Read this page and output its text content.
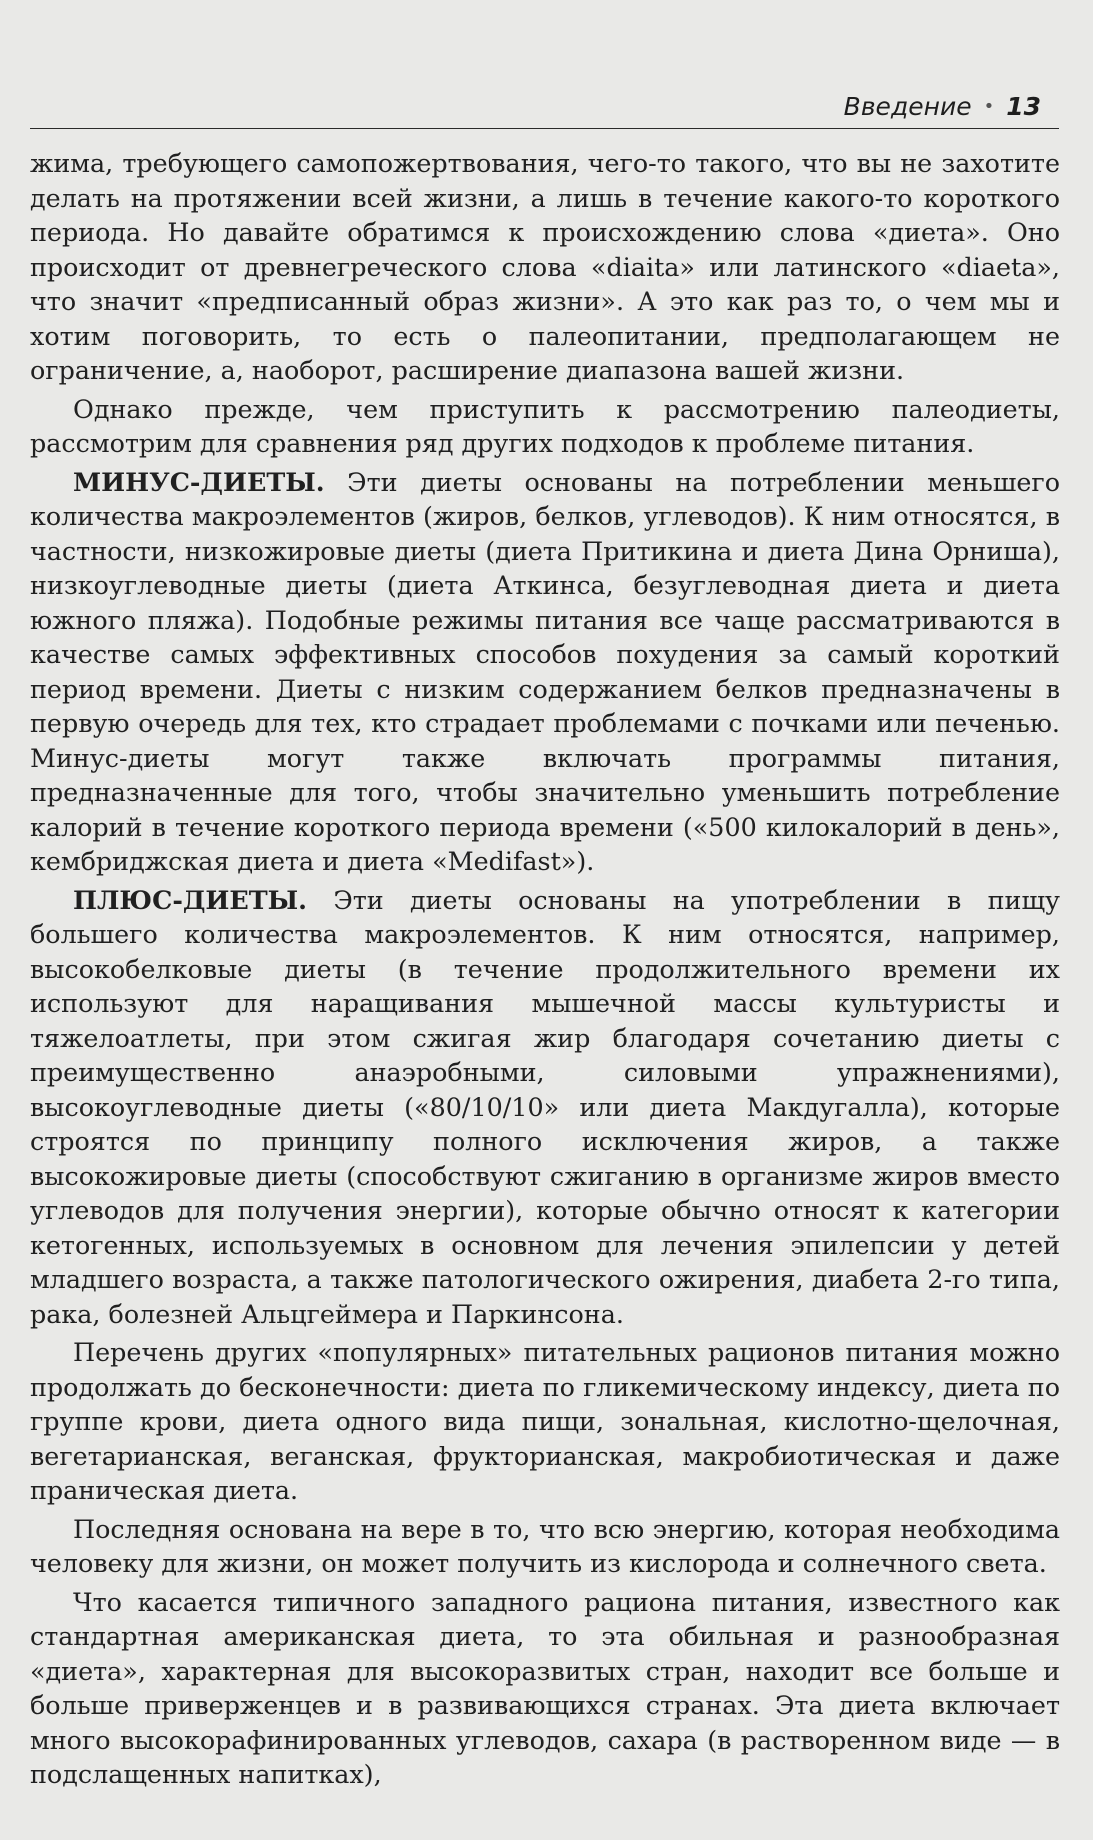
Введение • 13

жима, требующего самопожертвования, чего-то такого, что вы не захотите делать на протяжении всей жизни, а лишь в течение какого-то короткого периода. Но давайте обратимся к происхождению слова «диета». Оно происходит от древнегреческого слова «diaita» или латинского «diaeta», что значит «предписанный образ жизни». А это как раз то, о чем мы и хотим поговорить, то есть о палеопитании, предполагающем не ограничение, а, наоборот, расширение диапазона вашей жизни.

Однако прежде, чем приступить к рассмотрению палеодиеты, рассмотрим для сравнения ряд других подходов к проблеме питания.

МИНУС-ДИЕТЫ. Эти диеты основаны на потреблении меньшего количества макроэлементов (жиров, белков, углеводов). К ним относятся, в частности, низкожировые диеты (диета Притикина и диета Дина Орниша), низкоуглеводные диеты (диета Аткинса, безуглеводная диета и диета южного пляжа). Подобные режимы питания все чаще рассматриваются в качестве самых эффективных способов похудения за самый короткий период времени. Диеты с низким содержанием белков предназначены в первую очередь для тех, кто страдает проблемами с почками или печенью. Минус-диеты могут также включать программы питания, предназначенные для того, чтобы значительно уменьшить потребление калорий в течение короткого периода времени («500 килокалорий в день», кембриджская диета и диета «Medifast»).

ПЛЮС-ДИЕТЫ. Эти диеты основаны на употреблении в пищу большего количества макроэлементов. К ним относятся, например, высокобелковые диеты (в течение продолжительного времени их используют для наращивания мышечной массы культуристы и тяжелоатлеты, при этом сжигая жир благодаря сочетанию диеты с преимущественно анаэробными, силовыми упражнениями), высокоуглеводные диеты («80/10/10» или диета Макдугалла), которые строятся по принципу полного исключения жиров, а также высокожировые диеты (способствуют сжиганию в организме жиров вместо углеводов для получения энергии), которые обычно относят к категории кетогенных, используемых в основном для лечения эпилепсии у детей младшего возраста, а также патологического ожирения, диабета 2-го типа, рака, болезней Альцгеймера и Паркинсона.

Перечень других «популярных» питательных рационов питания можно продолжать до бесконечности: диета по гликемическому индексу, диета по группе крови, диета одного вида пищи, зональная, кислотно-щелочная, вегетарианская, веганская, фрукторианская, макробиотическая и даже праническая диета.

Последняя основана на вере в то, что всю энергию, которая необходима человеку для жизни, он может получить из кислорода и солнечного света.

Что касается типичного западного рациона питания, известного как стандартная американская диета, то эта обильная и разнообразная «диета», характерная для высокоразвитых стран, находит все больше и больше приверженцев и в развивающихся странах. Эта диета включает много высокорафинированных углеводов, сахара (в растворенном виде — в подслащенных напитках),
